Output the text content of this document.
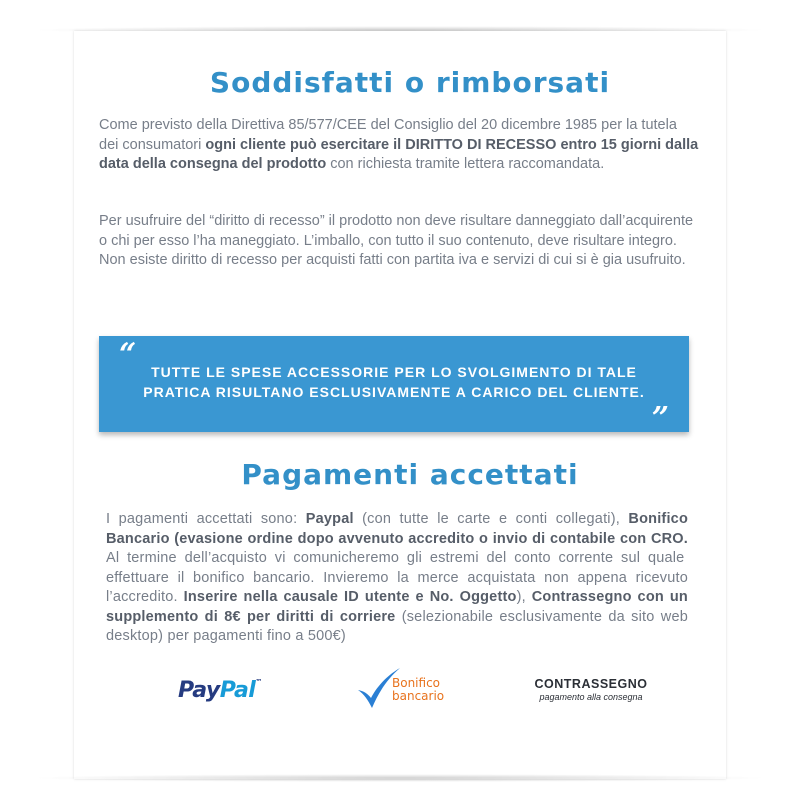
Soddisfatti o rimborsati

Come previsto della Direttiva 85/577/CEE del Consiglio del 20 dicembre 1985 per la tutela dei consumatori ogni cliente può esercitare il DIRITTO DI RECESSO entro 15 giorni dalla data della consegna del prodotto con richiesta tramite lettera raccomandata.

Per usufruire del “diritto di recesso” il prodotto non deve risultare danneggiato dall’acquirente o chi per esso l’ha maneggiato. L’imballo, con tutto il suo contenuto, deve risultare integro. Non esiste diritto di recesso per acquisti fatti con partita iva e servizi di cui si è gia usufruito.

“	TUTTE LE SPESE ACCESSORIE PER LO SVOLGIMENTO DI TALE
PRATICA RISULTANO ESCLUSIVAMENTE A CARICO DEL CLIENTE.

”
Pagamenti accettati

I pagamenti accettati sono: Paypal (con tutte le carte e conti collegati), Bonifico Bancario (evasione ordine dopo avvenuto accredito o invio di contabile con CRO. Al termine dell’acquisto vi comunicheremo gli estremi del conto corrente sul quale effettuare il bonifico bancario. Invieremo la merce acquistata non appena ricevuto l’accredito. Inserire nella causale ID utente e No. Oggetto), Contrassegno con un supplemento di 8€ per diritti di corriere (selezionabile esclusivamente da sito web desktop) per pagamenti fino a 500€)

PayPal™	Bonifico
bancario
CONTRASSEGNO
pagamento alla consegna
